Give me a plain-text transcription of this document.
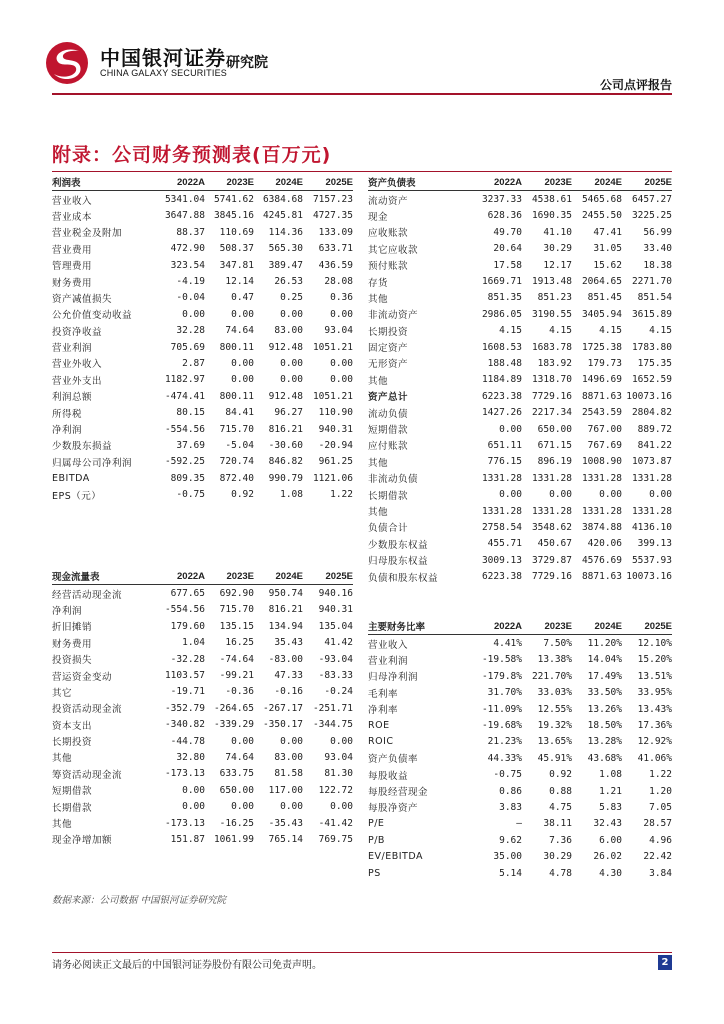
中国银河证券
CHINA GALAXY SECURITIES
研究院
公司点评报告
附录：公司财务预测表(百万元)
利润表	2022A	2023E	2024E	2025E
营业收入	5341.04	5741.62	6384.68	7157.23
营业成本	3647.88	3845.16	4245.81	4727.35
营业税金及附加	88.37	110.69	114.36	133.09
营业费用	472.90	508.37	565.30	633.71
管理费用	323.54	347.81	389.47	436.59
财务费用	-4.19	12.14	26.53	28.08
资产减值损失	-0.04	0.47	0.25	0.36
公允价值变动收益	0.00	0.00	0.00	0.00
投资净收益	32.28	74.64	83.00	93.04
营业利润	705.69	800.11	912.48	1051.21
营业外收入	2.87	0.00	0.00	0.00
营业外支出	1182.97	0.00	0.00	0.00
利润总额	-474.41	800.11	912.48	1051.21
所得税	80.15	84.41	96.27	110.90
净利润	-554.56	715.70	816.21	940.31
少数股东损益	37.69	-5.04	-30.60	-20.94
归属母公司净利润	-592.25	720.74	846.82	961.25
EBITDA	809.35	872.40	990.79	1121.06
EPS（元）	-0.75	0.92	1.08	1.22
资产负债表	2022A	2023E	2024E	2025E
流动资产	3237.33	4538.61	5465.68	6457.27
现金	628.36	1690.35	2455.50	3225.25
应收账款	49.70	41.10	47.41	56.99
其它应收款	20.64	30.29	31.05	33.40
预付账款	17.58	12.17	15.62	18.38
存货	1669.71	1913.48	2064.65	2271.70
其他	851.35	851.23	851.45	851.54
非流动资产	2986.05	3190.55	3405.94	3615.89
长期投资	4.15	4.15	4.15	4.15
固定资产	1608.53	1683.78	1725.38	1783.80
无形资产	188.48	183.92	179.73	175.35
其他	1184.89	1318.70	1496.69	1652.59
资产总计	6223.38	7729.16	8871.63	10073.16
流动负债	1427.26	2217.34	2543.59	2804.82
短期借款	0.00	650.00	767.00	889.72
应付账款	651.11	671.15	767.69	841.22
其他	776.15	896.19	1008.90	1073.87
非流动负债	1331.28	1331.28	1331.28	1331.28
长期借款	0.00	0.00	0.00	0.00
其他	1331.28	1331.28	1331.28	1331.28
负债合计	2758.54	3548.62	3874.88	4136.10
少数股东权益	455.71	450.67	420.06	399.13
归母股东权益	3009.13	3729.87	4576.69	5537.93
负债和股东权益	6223.38	7729.16	8871.63	10073.16
现金流量表	2022A	2023E	2024E	2025E
经营活动现金流	677.65	692.90	950.74	940.16
净利润	-554.56	715.70	816.21	940.31
折旧摊销	179.60	135.15	134.94	135.04
财务费用	1.04	16.25	35.43	41.42
投资损失	-32.28	-74.64	-83.00	-93.04
营运资金变动	1103.57	-99.21	47.33	-83.33
其它	-19.71	-0.36	-0.16	-0.24
投资活动现金流	-352.79	-264.65	-267.17	-251.71
资本支出	-340.82	-339.29	-350.17	-344.75
长期投资	-44.78	0.00	0.00	0.00
其他	32.80	74.64	83.00	93.04
筹资活动现金流	-173.13	633.75	81.58	81.30
短期借款	0.00	650.00	117.00	122.72
长期借款	0.00	0.00	0.00	0.00
其他	-173.13	-16.25	-35.43	-41.42
现金净增加额	151.87	1061.99	765.14	769.75
主要财务比率	2022A	2023E	2024E	2025E
营业收入	4.41%	7.50%	11.20%	12.10%
营业利润	-19.58%	13.38%	14.04%	15.20%
归母净利润	-179.8%	221.70%	17.49%	13.51%
毛利率	31.70%	33.03%	33.50%	33.95%
净利率	-11.09%	12.55%	13.26%	13.43%
ROE	-19.68%	19.32%	18.50%	17.36%
ROIC	21.23%	13.65%	13.28%	12.92%
资产负债率	44.33%	45.91%	43.68%	41.06%
每股收益	-0.75	0.92	1.08	1.22
每股经营现金	0.86	0.88	1.21	1.20
每股净资产	3.83	4.75	5.83	7.05
P/E	—	38.11	32.43	28.57
P/B	9.62	7.36	6.00	4.96
EV/EBITDA	35.00	30.29	26.02	22.42
PS	5.14	4.78	4.30	3.84
数据来源：公司数据 中国银河证券研究院
请务必阅读正文最后的中国银河证券股份有限公司免责声明。	2
